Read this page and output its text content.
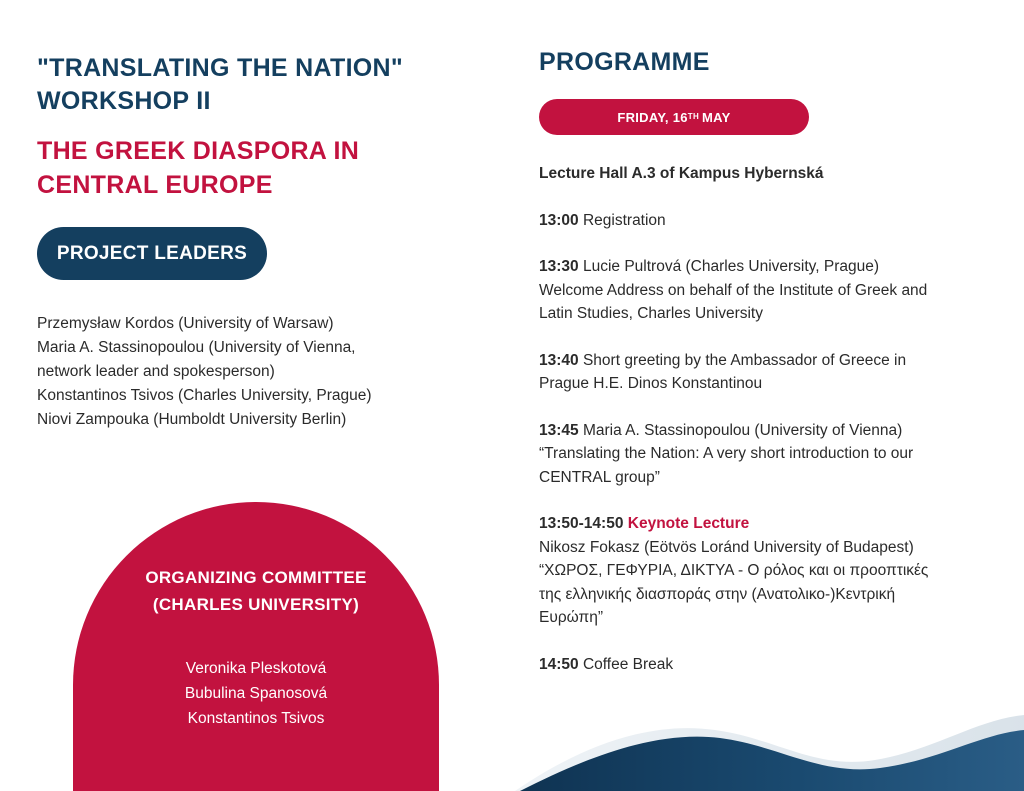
"TRANSLATING THE NATION"
WORKSHOP II
THE GREEK DIASPORA IN
CENTRAL EUROPE
PROJECT LEADERS
Przemysław Kordos (University of Warsaw)
Maria A. Stassinopoulou (University of Vienna,
network leader and spokesperson)
Konstantinos Tsivos (Charles University, Prague)
Niovi Zampouka (Humboldt University Berlin)
ORGANIZING COMMITTEE
(CHARLES UNIVERSITY)
Veronika Pleskotová
Bubulina Spanosová
Konstantinos Tsivos
PROGRAMME
FRIDAY, 16TH MAY
Lecture Hall A.3 of Kampus Hybernská
13:00 Registration
13:30 Lucie Pultrová (Charles University, Prague)
Welcome Address on behalf of the Institute of Greek and
Latin Studies, Charles University
13:40 Short greeting by the Ambassador of Greece in
Prague H.E. Dinos Konstantinou
13:45 Maria A. Stassinopoulou (University of Vienna)
“Translating the Nation: A very short introduction to our
CENTRAL group”
13:50-14:50 Keynote Lecture
Nikosz Fokasz (Eötvös Loránd University of Budapest)
“ΧΩΡΟΣ, ΓΕΦΥΡΙΑ, ΔΙΚΤΥΑ - Ο ρόλος και οι προοπτικές
της ελληνικής διασποράς στην (Ανατολικο-)Κεντρική
Ευρώπη”
14:50 Coffee Break
